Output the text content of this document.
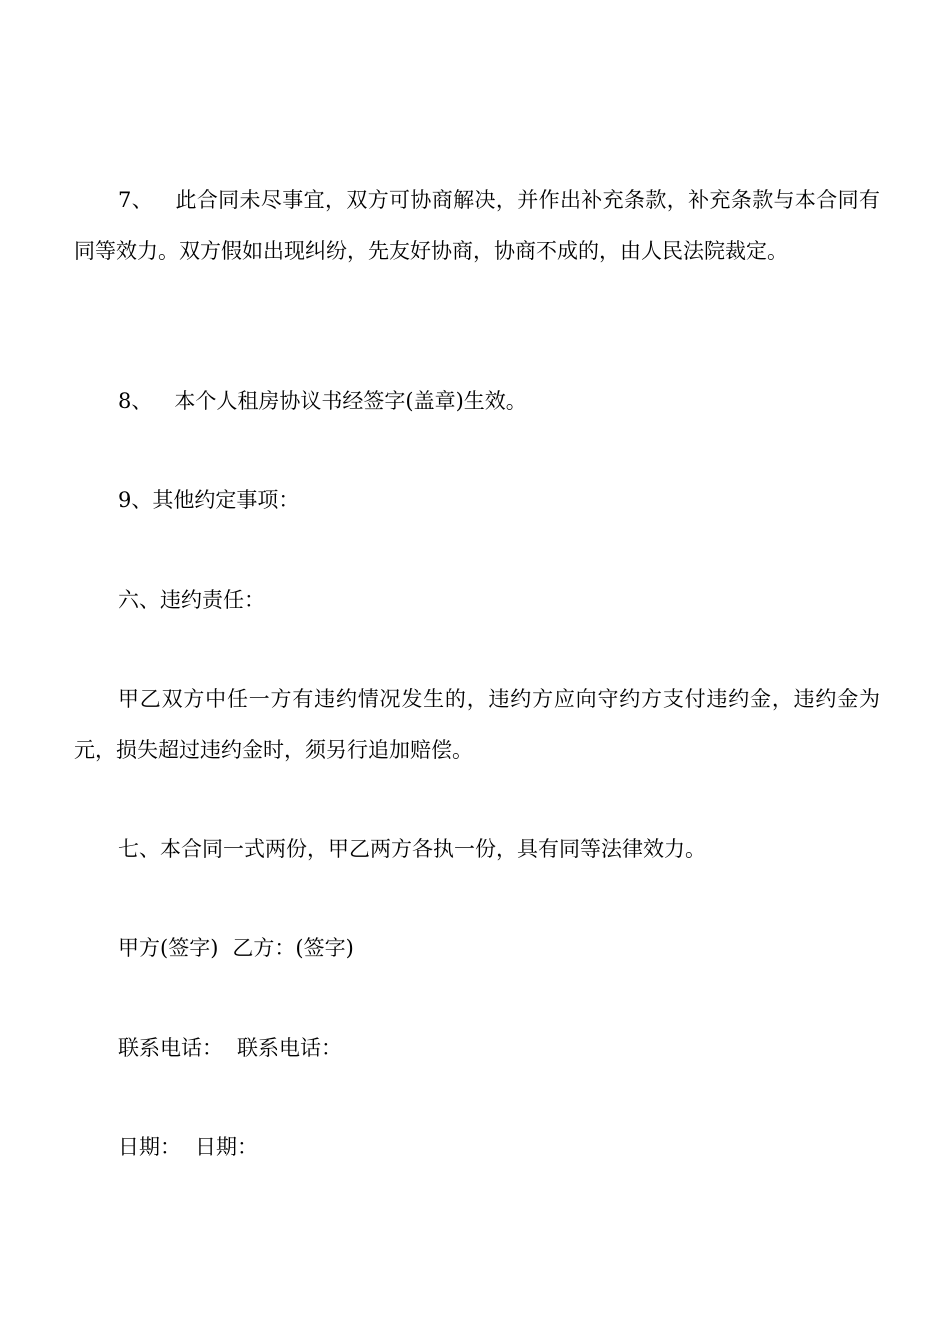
7、 此合同未尽事宜，双方可协商解决，并作出补充条款，补充条款与本合同有同等效力。双方假如出现纠纷，先友好协商，协商不成的，由人民法院裁定。

8、 本个人租房协议书经签字(盖章)生效。

9、其他约定事项：

六、违约责任：

甲乙双方中任一方有违约情况发生的，违约方应向守约方支付违约金，违约金为元，损失超过违约金时，须另行追加赔偿。

七、本合同一式两份，甲乙两方各执一份，具有同等法律效力。

甲方(签字) 乙方：(签字)

联系电话： 联系电话：

日期： 日期：
